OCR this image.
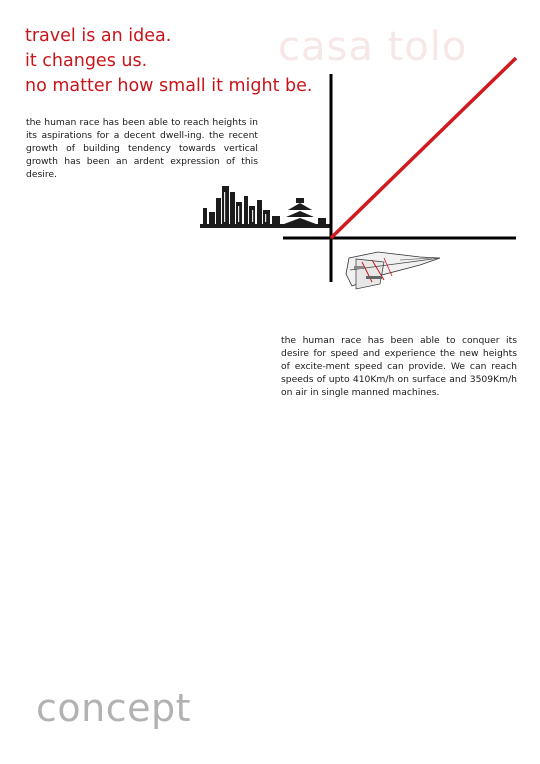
casa tolo
travel is an idea.
it changes us.
no matter how small it might be.

the human race has been able to reach heights in its aspirations for a decent dwell-ing. the recent growth of building tendency towards vertical growth has been an ardent expression of this desire.

the human race has been able to conquer its desire for speed and experience the new heights of excite-ment speed can provide. We can reach speeds of upto 410Km/h on surface and 3509Km/h on air in single manned machines.

concept
